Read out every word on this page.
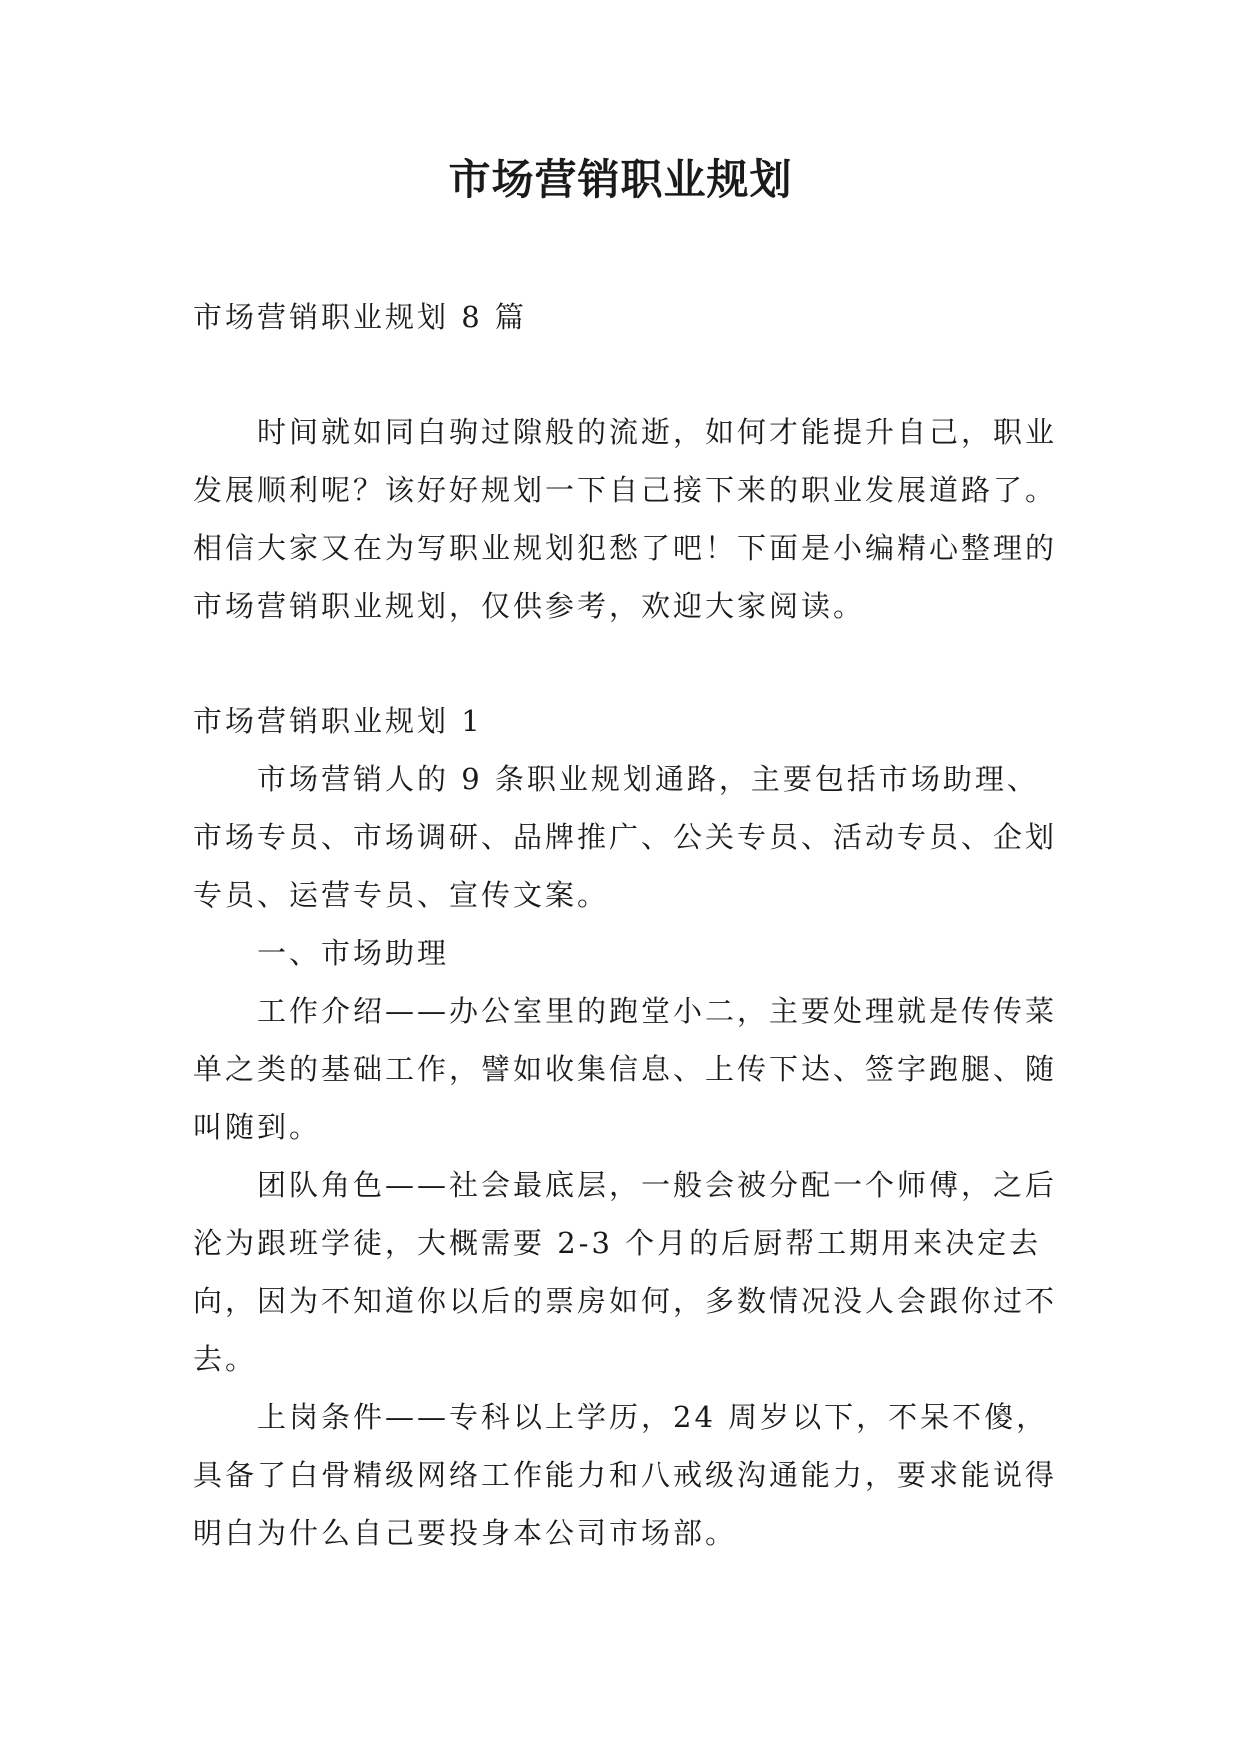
市场营销职业规划

市场营销职业规划 8 篇

时间就如同白驹过隙般的流逝，如何才能提升自己，职业发展顺利呢？该好好规划一下自己接下来的职业发展道路了。相信大家又在为写职业规划犯愁了吧！下面是小编精心整理的市场营销职业规划，仅供参考，欢迎大家阅读。

市场营销职业规划 1

市场营销人的 9 条职业规划通路，主要包括市场助理、市场专员、市场调研、品牌推广、公关专员、活动专员、企划专员、运营专员、宣传文案。

一、市场助理

工作介绍——办公室里的跑堂小二，主要处理就是传传菜单之类的基础工作，譬如收集信息、上传下达、签字跑腿、随叫随到。

团队角色——社会最底层，一般会被分配一个师傅，之后沦为跟班学徒，大概需要 2-3 个月的后厨帮工期用来决定去向，因为不知道你以后的票房如何，多数情况没人会跟你过不去。

上岗条件——专科以上学历，24 周岁以下，不呆不傻，具备了白骨精级网络工作能力和八戒级沟通能力，要求能说得明白为什么自己要投身本公司市场部。
